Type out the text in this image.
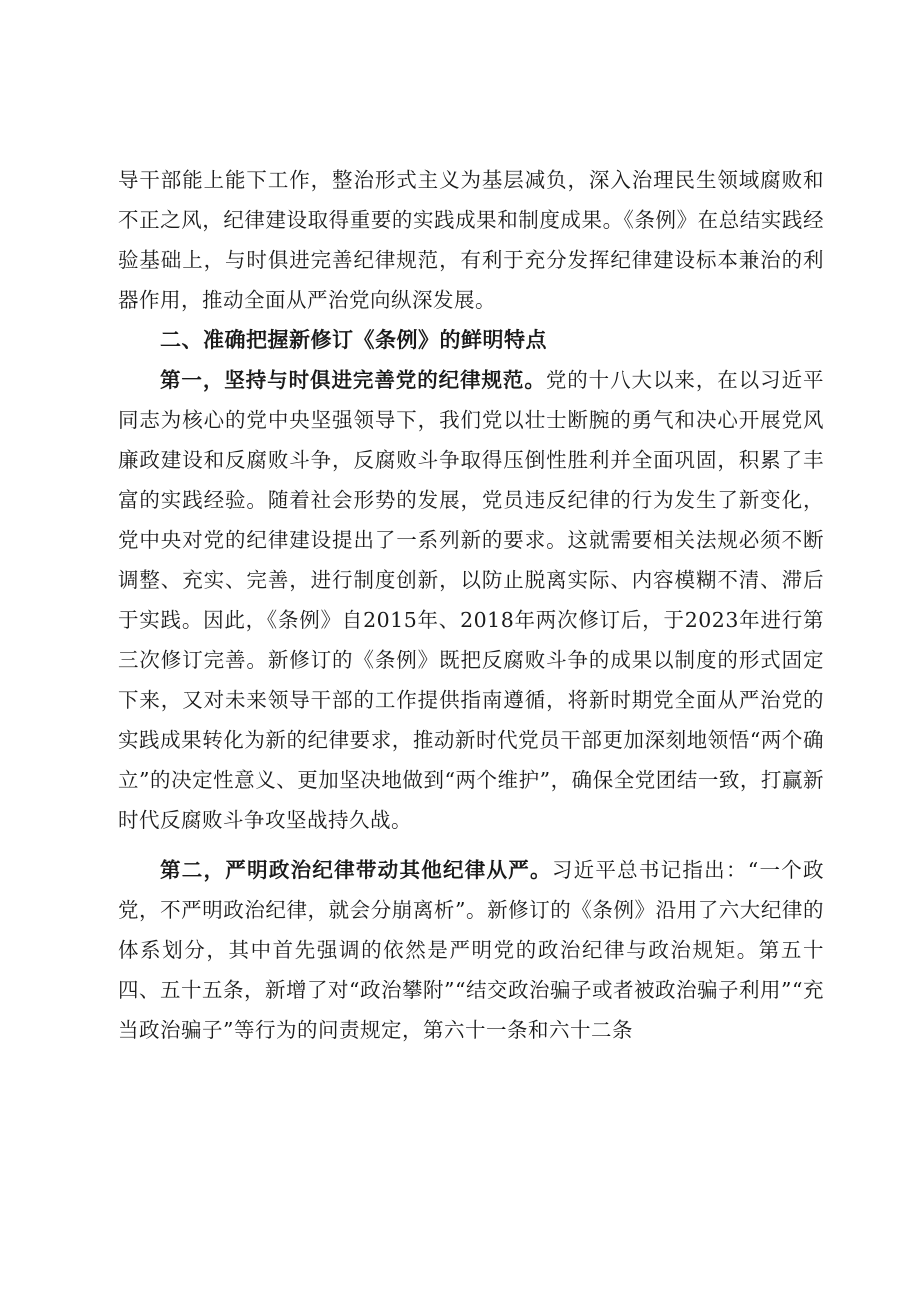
导干部能上能下工作，整治形式主义为基层减负，深入治理民生领域腐败和不正之风，纪律建设取得重要的实践成果和制度成果。《条例》在总结实践经验基础上，与时俱进完善纪律规范，有利于充分发挥纪律建设标本兼治的利器作用，推动全面从严治党向纵深发展。

二、准确把握新修订《条例》的鲜明特点

第一，坚持与时俱进完善党的纪律规范。党的十八大以来，在以习近平同志为核心的党中央坚强领导下，我们党以壮士断腕的勇气和决心开展党风廉政建设和反腐败斗争，反腐败斗争取得压倒性胜利并全面巩固，积累了丰富的实践经验。随着社会形势的发展，党员违反纪律的行为发生了新变化，党中央对党的纪律建设提出了一系列新的要求。这就需要相关法规必须不断调整、充实、完善，进行制度创新，以防止脱离实际、内容模糊不清、滞后于实践。因此，《条例》自2015年、2018年两次修订后，于2023年进行第三次修订完善。新修订的《条例》既把反腐败斗争的成果以制度的形式固定下来，又对未来领导干部的工作提供指南遵循，将新时期党全面从严治党的实践成果转化为新的纪律要求，推动新时代党员干部更加深刻地领悟“两个确立”的决定性意义、更加坚决地做到“两个维护”，确保全党团结一致，打赢新时代反腐败斗争攻坚战持久战。

第二，严明政治纪律带动其他纪律从严。习近平总书记指出：“一个政党，不严明政治纪律，就会分崩离析”。新修订的《条例》沿用了六大纪律的体系划分，其中首先强调的依然是严明党的政治纪律与政治规矩。第五十四、五十五条，新增了对“政治攀附”“结交政治骗子或者被政治骗子利用”“充当政治骗子”等行为的问责规定，第六十一条和六十二条
